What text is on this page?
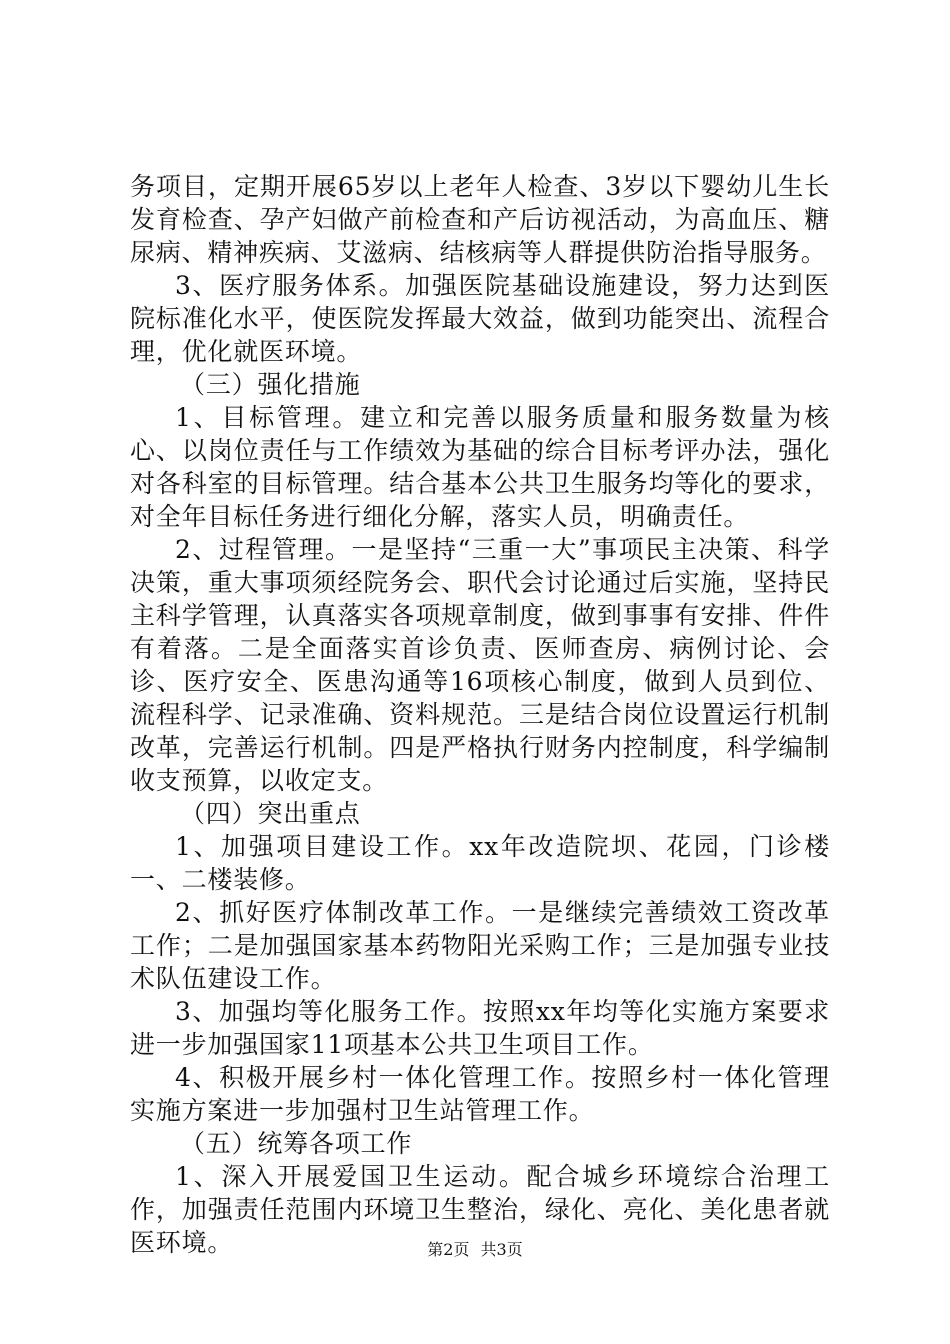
务项目，定期开展65岁以上老年人检查、3岁以下婴幼儿生长发育检查、孕产妇做产前检查和产后访视活动，为高血压、糖尿病、精神疾病、艾滋病、结核病等人群提供防治指导服务。

3、医疗服务体系。加强医院基础设施建设，努力达到医院标准化水平，使医院发挥最大效益，做到功能突出、流程合理，优化就医环境。

（三）强化措施

1、目标管理。建立和完善以服务质量和服务数量为核心、以岗位责任与工作绩效为基础的综合目标考评办法，强化对各科室的目标管理。结合基本公共卫生服务均等化的要求，对全年目标任务进行细化分解，落实人员，明确责任。

2、过程管理。一是坚持“三重一大”事项民主决策、科学决策，重大事项须经院务会、职代会讨论通过后实施，坚持民主科学管理，认真落实各项规章制度，做到事事有安排、件件有着落。二是全面落实首诊负责、医师查房、病例讨论、会诊、医疗安全、医患沟通等16项核心制度，做到人员到位、流程科学、记录准确、资料规范。三是结合岗位设置运行机制改革，完善运行机制。四是严格执行财务内控制度，科学编制收支预算，以收定支。

（四）突出重点

1、加强项目建设工作。xx年改造院坝、花园，门诊楼一、二楼装修。

2、抓好医疗体制改革工作。一是继续完善绩效工资改革工作；二是加强国家基本药物阳光采购工作；三是加强专业技术队伍建设工作。

3、加强均等化服务工作。按照xx年均等化实施方案要求进一步加强国家11项基本公共卫生项目工作。

4、积极开展乡村一体化管理工作。按照乡村一体化管理实施方案进一步加强村卫生站管理工作。

（五）统筹各项工作

1、深入开展爱国卫生运动。配合城乡环境综合治理工作，加强责任范围内环境卫生整治，绿化、亮化、美化患者就医环境。	第2页 共3页
